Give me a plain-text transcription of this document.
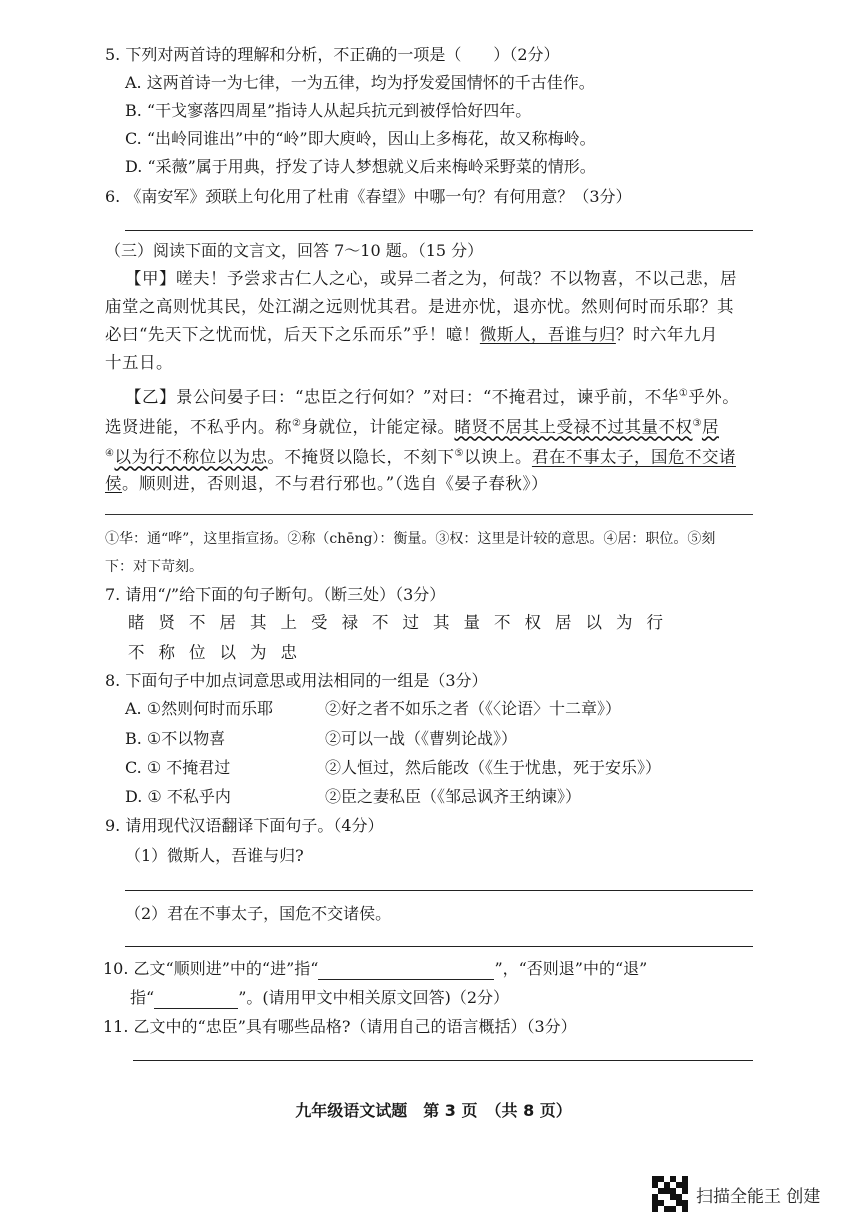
5. 下列对两首诗的理解和分析，不正确的一项是（　　）（2分）
A. 这两首诗一为七律，一为五律，均为抒发爱国情怀的千古佳作。
B. “干戈寥落四周星”指诗人从起兵抗元到被俘恰好四年。
C. “出岭同谁出”中的“岭”即大庾岭，因山上多梅花，故又称梅岭。
D. “采薇”属于用典，抒发了诗人梦想就义后来梅岭采野菜的情形。
6. 《南安军》颈联上句化用了杜甫《春望》中哪一句？有何用意？（3分）
（三）阅读下面的文言文，回答 7～10 题。（15 分）
【甲】嗟夫！予尝求古仁人之心，或异二者之为，何哉？不以物喜，不以己悲，居
庙堂之高则忧其民，处江湖之远则忧其君。是进亦忧，退亦忧。然则何时而乐耶？其
必曰“先天下之忧而忧，后天下之乐而乐”乎！噫！微斯人，吾谁与归？时六年九月
十五日。
【乙】景公问晏子曰：“忠臣之行何如？”对曰：“不掩君过，谏乎前，不华①乎外。
选贤进能，不私乎内。称②身就位，计能定禄。睹贤不居其上受禄不过其量不权③居
④以为行不称位以为忠。不掩贤以隐长，不刻下⑤以谀上。君在不事太子，国危不交诸
侯。顺则进，否则退，不与君行邪也。”（选自《晏子春秋》）
①华：通“哗”，这里指宣扬。②称（chēng）：衡量。③权：这里是计较的意思。④居：职位。⑤刻
下：对下苛刻。
7. 请用“/”给下面的句子断句。（断三处）（3分）
睹贤不居其上受禄不过其量不权居以为行
不称位以为忠
8. 下面句子中加点词意思或用法相同的一组是（3分）
A. ①然则何时而乐耶	②好之者不如乐之者（《〈论语〉十二章》）
B. ①不以物喜	②可以一战（《曹刿论战》）
C. ① 不掩君过	②人恒过，然后能改（《生于忧患，死于安乐》）
D. ① 不私乎内	②臣之妻私臣（《邹忌讽齐王纳谏》）
9. 请用现代汉语翻译下面句子。（4分）
（1）微斯人，吾谁与归?
（2）君在不事太子，国危不交诸侯。
10. 乙文“顺则进”中的“进”指“	”，“否则退”中的“退”
指“	”。(请用甲文中相关原文回答)（2分）
11. 乙文中的“忠臣”具有哪些品格?（请用自己的语言概括）（3分）
九年级语文试题　第 3 页　（共 8 页）
扫描全能王 创建
